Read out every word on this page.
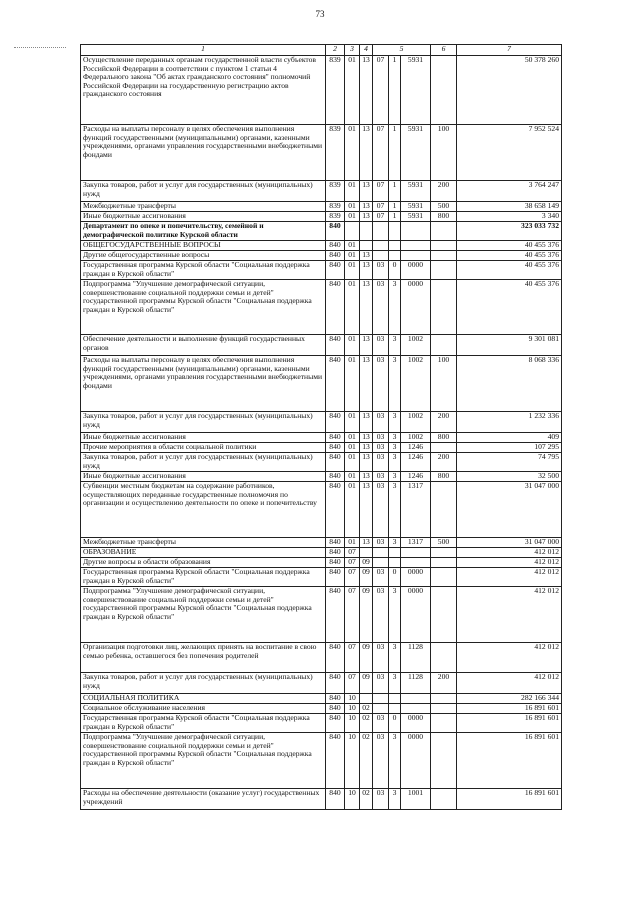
73
1	2	3	4	5			6	7
Осуществление переданных органам государственной власти субъектов Российской Федерации в соответствии с пунктом 1 статьи 4 Федерального закона "Об актах гражданского состояния" полномочий Российской Федерации на государственную регистрацию актов гражданского состояния	839	01	13	07	1	5931		50 378 260
Расходы на выплаты персоналу в целях обеспечения выполнения функций государственными (муниципальными) органами, казенными учреждениями, органами управления государственными внебюджетными фондами	839	01	13	07	1	5931	100	7 952 524
Закупка товаров, работ и услуг для государственных (муниципальных) нужд	839	01	13	07	1	5931	200	3 764 247
Межбюджетные трансферты	839	01	13	07	1	5931	500	38 658 149
Иные бюджетные ассигнования	839	01	13	07	1	5931	800	3 340
Департамент по опеке и попечительству, семейной и демографической политике Курской области	840							323 033 732
ОБЩЕГОСУДАРСТВЕННЫЕ ВОПРОСЫ	840	01						40 455 376
Другие общегосударственные вопросы	840	01	13					40 455 376
Государственная программа Курской области "Социальная поддержка граждан в Курской области"	840	01	13	03	0	0000		40 455 376
Подпрограмма "Улучшение демографической ситуации, совершенствование социальной поддержки семьи и детей" государственной программы Курской области "Социальная поддержка граждан в Курской области"	840	01	13	03	3	0000		40 455 376
Обеспечение деятельности и выполнение функций государственных органов	840	01	13	03	3	1002		9 301 081
Расходы на выплаты персоналу в целях обеспечения выполнения функций государственными (муниципальными) органами, казенными учреждениями, органами управления государственными внебюджетными фондами	840	01	13	03	3	1002	100	8 068 336
Закупка товаров, работ и услуг для государственных (муниципальных) нужд	840	01	13	03	3	1002	200	1 232 336
Иные бюджетные ассигнования	840	01	13	03	3	1002	800	409
Прочие мероприятия в области социальной политики	840	01	13	03	3	1246		107 295
Закупка товаров, работ и услуг для государственных (муниципальных) нужд	840	01	13	03	3	1246	200	74 795
Иные бюджетные ассигнования	840	01	13	03	3	1246	800	32 500
Субвенции местным бюджетам на содержание работников, осуществляющих переданные государственные полномочия по организации и осуществлению деятельности по опеке и попечительству	840	01	13	03	3	1317		31 047 000
Межбюджетные трансферты	840	01	13	03	3	1317	500	31 047 000
ОБРАЗОВАНИЕ	840	07						412 012
Другие вопросы в области образования	840	07	09					412 012
Государственная программа Курской области "Социальная поддержка граждан в Курской области"	840	07	09	03	0	0000		412 012
Подпрограмма "Улучшение демографической ситуации, совершенствование социальной поддержки семьи и детей" государственной программы Курской области "Социальная поддержка граждан в Курской области"	840	07	09	03	3	0000		412 012
Организация подготовки лиц, желающих принять на воспитание в свою семью ребенка, оставшегося без попечения родителей	840	07	09	03	3	1128		412 012
Закупка товаров, работ и услуг для государственных (муниципальных) нужд	840	07	09	03	3	1128	200	412 012
СОЦИАЛЬНАЯ ПОЛИТИКА	840	10						282 166 344
Социальное обслуживание населения	840	10	02					16 891 601
Государственная программа Курской области "Социальная поддержка граждан в Курской области"	840	10	02	03	0	0000		16 891 601
Подпрограмма "Улучшение демографической ситуации, совершенствование социальной поддержки семьи и детей" государственной программы Курской области "Социальная поддержка граждан в Курской области"	840	10	02	03	3	0000		16 891 601
Расходы на обеспечение деятельности (оказание услуг) государственных учреждений	840	10	02	03	3	1001		16 891 601
